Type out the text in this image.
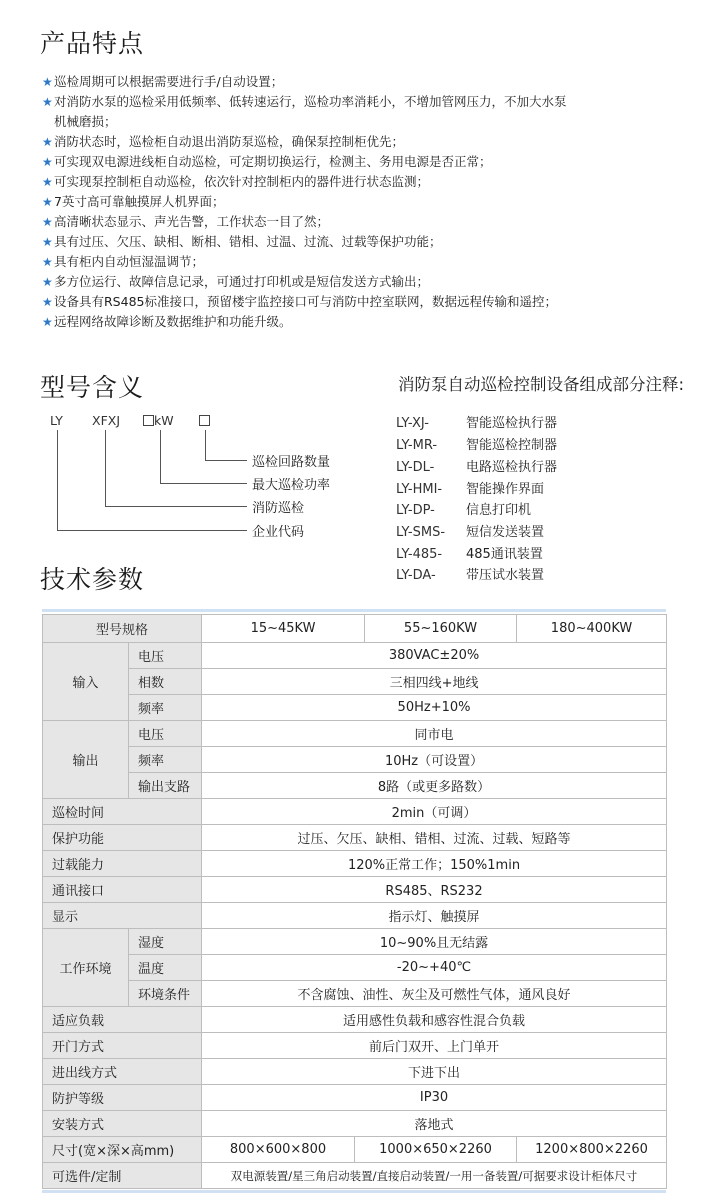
产品特点

★ 巡检周期可以根据需要进行手/自动设置；

★ 对消防水泵的巡检采用低频率、低转速运行，巡检功率消耗小，不增加管网压力，不加大水泵

机械磨损；

★ 消防状态时，巡检柜自动退出消防泵巡检，确保泵控制柜优先；

★ 可实现双电源进线柜自动巡检，可定期切换运行，检测主、务用电源是否正常；

★ 可实现泵控制柜自动巡检，依次针对控制柜内的器件进行状态监测；

★ 7英寸高可靠触摸屏人机界面；

★ 高清晰状态显示、声光告警，工作状态一目了然；

★ 具有过压、欠压、缺相、断相、错相、过温、过流、过载等保护功能；

★ 具有柜内自动恒湿温调节；

★ 多方位运行、故障信息记录，可通过打印机或是短信发送方式输出；

★ 设备具有RS485标准接口，预留楼宇监控接口可与消防中控室联网，数据远程传输和遥控；

★ 远程网络故障诊断及数据维护和功能升级。

型号含义
LY XFXJ	kW
巡检回路数量
最大巡检功率
消防巡检
企业代码
消防泵自动巡检控制设备组成部分注释:
LY-XJ-	智能巡检执行器
LY-MR- 智能巡检控制器
LY-DL- 电路巡检执行器
LY-HMI- 智能操作界面
LY-DP- 信息打印机
LY-SMS- 短信发送装置
LY-485- 485通讯装置
LY-DA- 带压试水装置
技术参数
型号规格		15~45KW		55~160KW	180~400KW
输入	电压	380VAC±20%			
	相数	三相四线+地线			
	频率	50Hz+10%			
输出	电压	同市电			
	频率	10Hz（可设置）			
	输出支路	8路（或更多路数）			
巡检时间		2min（可调）			
保护功能		过压、欠压、缺相、错相、过流、过载、短路等			
过载能力		120%正常工作；150%1min			
通讯接口		RS485、RS232			
显示		指示灯、触摸屏			
工作环境	湿度	10~90%且无结露			
	温度	-20~+40℃			
	环境条件	不含腐蚀、油性、灰尘及可燃性气体，通风良好			
适应负载		适用感性负载和感容性混合负载			
开门方式		前后门双开、上门单开			
进出线方式		下进下出			
防护等级		IP30			
安装方式		落地式			
尺寸(宽×深×高mm)		800×600×800	1000×650×2260		1200×800×2260
可选件/定制		双电源装置/星三角启动装置/直接启动装置/一用一备装置/可据要求设计柜体尺寸			
